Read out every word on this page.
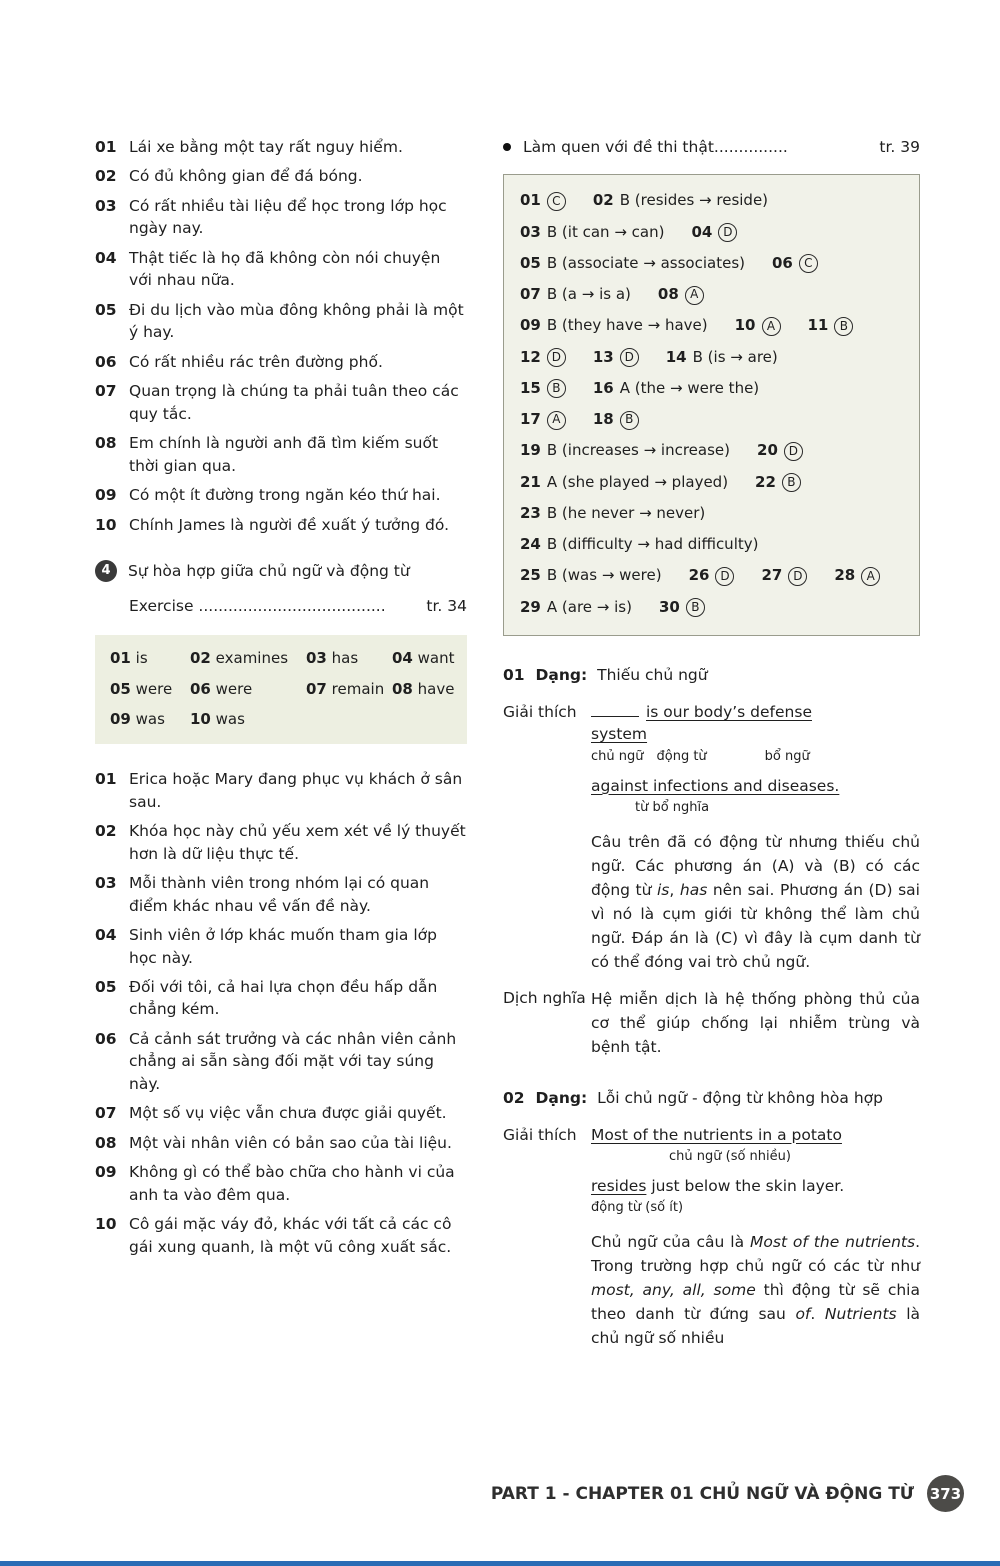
01 Lái xe bằng một tay rất nguy hiểm.
02 Có đủ không gian để đá bóng.
03 Có rất nhiều tài liệu để học trong lớp học ngày nay.
04 Thật tiếc là họ đã không còn nói chuyện với nhau nữa.
05 Đi du lịch vào mùa đông không phải là một ý hay.
06 Có rất nhiều rác trên đường phố.
07 Quan trọng là chúng ta phải tuân theo các quy tắc.
08 Em chính là người anh đã tìm kiếm suốt thời gian qua.
09 Có một ít đường trong ngăn kéo thứ hai.
10 Chính James là người đề xuất ý tưởng đó.
4	Sự hòa hợp giữa chủ ngữ và động từ
Exercise ......................................	tr. 34
01 is	02 examines	03 has	04 want
05 were	06 were	07 remain 08 have
09 was	10 was
01 Erica hoặc Mary đang phục vụ khách ở sân sau.
02 Khóa học này chủ yếu xem xét về lý thuyết hơn là dữ liệu thực tế.
03 Mỗi thành viên trong nhóm lại có quan điểm khác nhau về vấn đề này.
04 Sinh viên ở lớp khác muốn tham gia lớp học này.
05 Đối với tôi, cả hai lựa chọn đều hấp dẫn chẳng kém.
06 Cả cảnh sát trưởng và các nhân viên cảnh chẳng ai sẵn sàng đối mặt với tay súng này.
07 Một số vụ việc vẫn chưa được giải quyết.
08 Một vài nhân viên có bản sao của tài liệu.
09 Không gì có thể bào chữa cho hành vi của anh ta vào đêm qua.
10 Cô gái mặc váy đỏ, khác với tất cả các cô gái xung quanh, là một vũ công xuất sắc.
Làm quen với đề thi thật...............	tr. 39
01 C	02 B (resides → reside)
03 B (it can → can) 04 D
05 B (associate → associates) 06 C
07 B (a → is a) 08 A
09 B (they have → have) 10 A	11 B
12 D	13 D	14 B (is → are)
15 B	16 A (the → were the)
17 A	18 B
19 B (increases → increase) 20 D
21 A (she played → played) 22 B
23 B (he never → never)
24 B (difficulty → had difficulty)
25 B (was → were) 26 D	27 D	28 A
29 A (are → is) 30 B
01 Dạng: Thiếu chủ ngữ
Giải thích	is our body’s defense system
chủ ngữ động từ	bổ ngữ
against infections and diseases.
từ bổ nghĩa

Câu trên đã có động từ nhưng thiếu chủ ngữ. Các phương án (A) và (B) có các động từ is, has nên sai. Phương án (D) sai vì nó là cụm giới từ không thể làm chủ ngữ. Đáp án là (C) vì đây là cụm danh từ có thể đóng vai trò chủ ngữ.

Dịch nghĩa Hệ miễn dịch là hệ thống phòng thủ của cơ thể giúp chống lại nhiễm trùng và bệnh tật.

02 Dạng: Lỗi chủ ngữ - động từ không hòa hợp
Giải thích Most of the nutrients in a potato
chủ ngữ (số nhiều)
resides just below the skin layer.
động từ (số ít)

Chủ ngữ của câu là Most of the nutrients. Trong trường hợp chủ ngữ có các từ như most, any, all, some thì động từ sẽ chia theo danh từ đứng sau of. Nutrients là chủ ngữ số nhiều

PART 1 - CHAPTER 01 CHỦ NGỮ VÀ ĐỘNG TỪ 373
